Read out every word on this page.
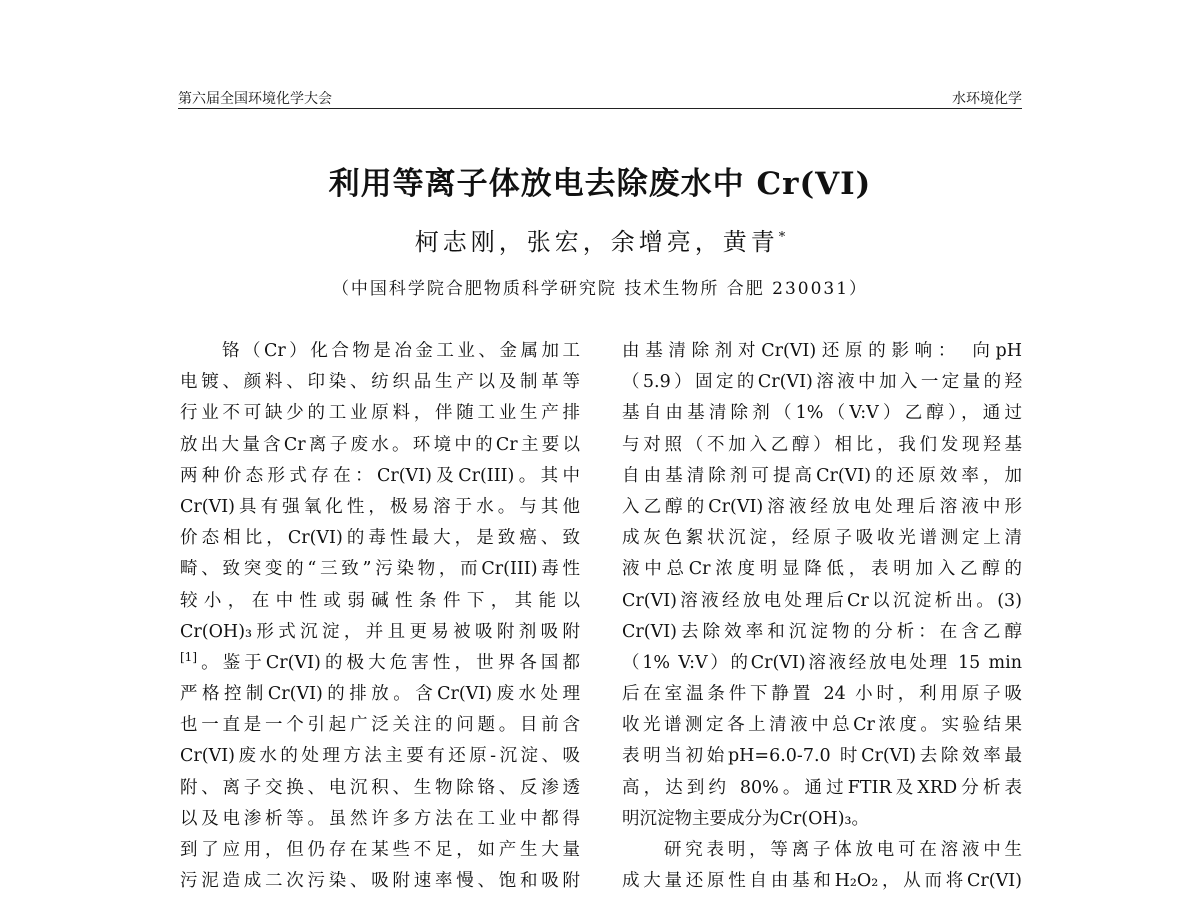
第六届全国环境化学大会	水环境化学
利用等离子体放电去除废水中 Cr(VI)
柯志刚，张宏，余增亮，黄青*
（中国科学院合肥物质科学研究院 技术生物所 合肥 230031）
铬（Cr）化合物是冶金工业、金属加工
电镀、颜料、印染、纺织品生产以及制革等
行业不可缺少的工业原料，伴随工业生产排
放出大量含Cr离子废水。环境中的Cr主要以
两种价态形式存在：Cr(VI)及Cr(III)。其中
Cr(VI)具有强氧化性，极易溶于水。与其他
价态相比，Cr(VI)的毒性最大，是致癌、致
畸、致突变的“三致”污染物，而Cr(III)毒性
较小，在中性或弱碱性条件下，其能以
Cr(OH)₃形式沉淀，并且更易被吸附剂吸附
[1]。鉴于Cr(VI)的极大危害性，世界各国都
严格控制Cr(VI)的排放。含Cr(VI)废水处理
也一直是一个引起广泛关注的问题。目前含
Cr(VI)废水的处理方法主要有还原-沉淀、吸
附、离子交换、电沉积、生物除铬、反渗透
以及电渗析等。虽然许多方法在工业中都得
到了应用，但仍存在某些不足，如产生大量
污泥造成二次污染、吸附速率慢、饱和吸附
由基清除剂对Cr(VI)还原的影响： 向pH
（5.9）固定的Cr(VI)溶液中加入一定量的羟
基自由基清除剂（1%（V:V）乙醇），通过
与对照（不加入乙醇）相比，我们发现羟基
自由基清除剂可提高Cr(VI)的还原效率，加
入乙醇的Cr(VI)溶液经放电处理后溶液中形
成灰色絮状沉淀，经原子吸收光谱测定上清
液中总Cr浓度明显降低，表明加入乙醇的
Cr(VI)溶液经放电处理后Cr以沉淀析出。(3)
Cr(VI)去除效率和沉淀物的分析：在含乙醇
（1% V:V）的Cr(VI)溶液经放电处理 15 min
后在室温条件下静置 24 小时，利用原子吸
收光谱测定各上清液中总Cr浓度。实验结果
表明当初始pH=6.0-7.0 时Cr(VI)去除效率最
高，达到约 80%。通过FTIR及XRD分析表
明沉淀物主要成分为Cr(OH)₃。
研究表明，等离子体放电可在溶液中生
成大量还原性自由基和H₂O₂，从而将Cr(VI)
